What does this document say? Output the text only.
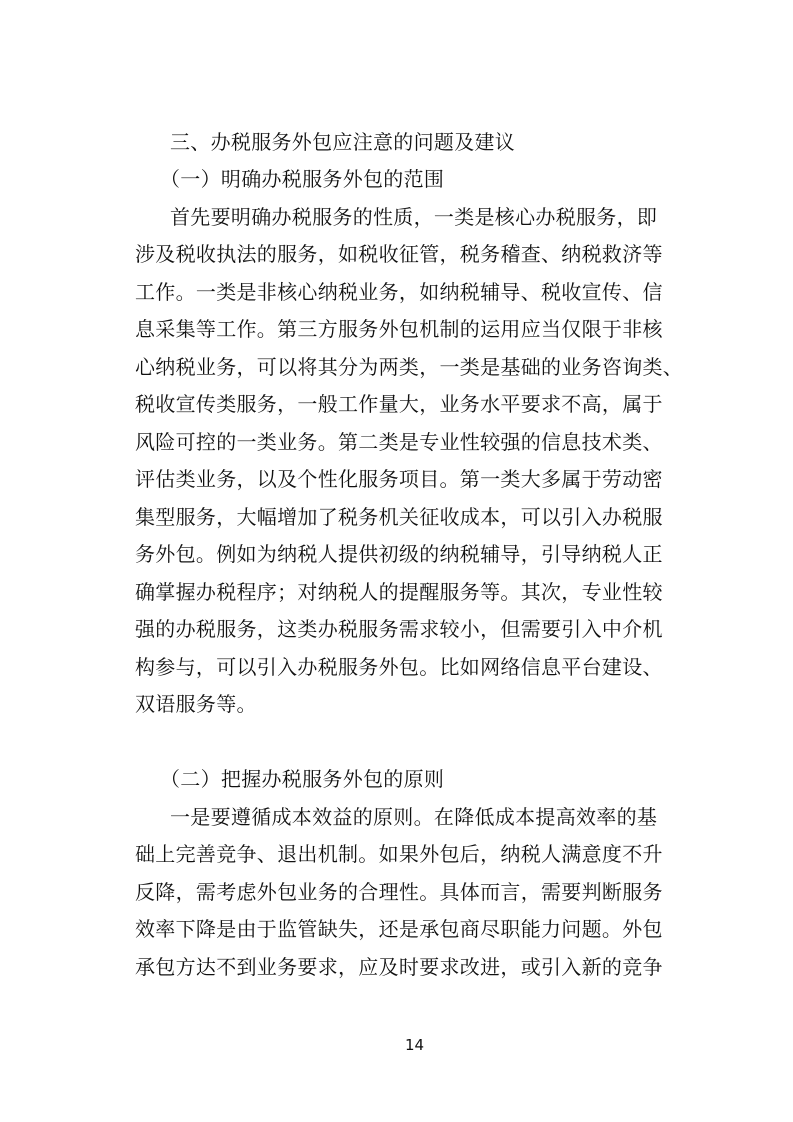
三、办税服务外包应注意的问题及建议
（一）明确办税服务外包的范围
首先要明确办税服务的性质，一类是核心办税服务，即
涉及税收执法的服务，如税收征管，税务稽查、纳税救济等
工作。一类是非核心纳税业务，如纳税辅导、税收宣传、信
息采集等工作。第三方服务外包机制的运用应当仅限于非核
心纳税业务，可以将其分为两类，一类是基础的业务咨询类、
税收宣传类服务，一般工作量大，业务水平要求不高，属于
风险可控的一类业务。第二类是专业性较强的信息技术类、
评估类业务，以及个性化服务项目。第一类大多属于劳动密
集型服务，大幅增加了税务机关征收成本，可以引入办税服
务外包。例如为纳税人提供初级的纳税辅导，引导纳税人正
确掌握办税程序；对纳税人的提醒服务等。其次，专业性较
强的办税服务，这类办税服务需求较小，但需要引入中介机
构参与，可以引入办税服务外包。比如网络信息平台建设、
双语服务等。
（二）把握办税服务外包的原则
一是要遵循成本效益的原则。在降低成本提高效率的基
础上完善竞争、退出机制。如果外包后，纳税人满意度不升
反降，需考虑外包业务的合理性。具体而言，需要判断服务
效率下降是由于监管缺失，还是承包商尽职能力问题。外包
承包方达不到业务要求，应及时要求改进，或引入新的竞争
14
